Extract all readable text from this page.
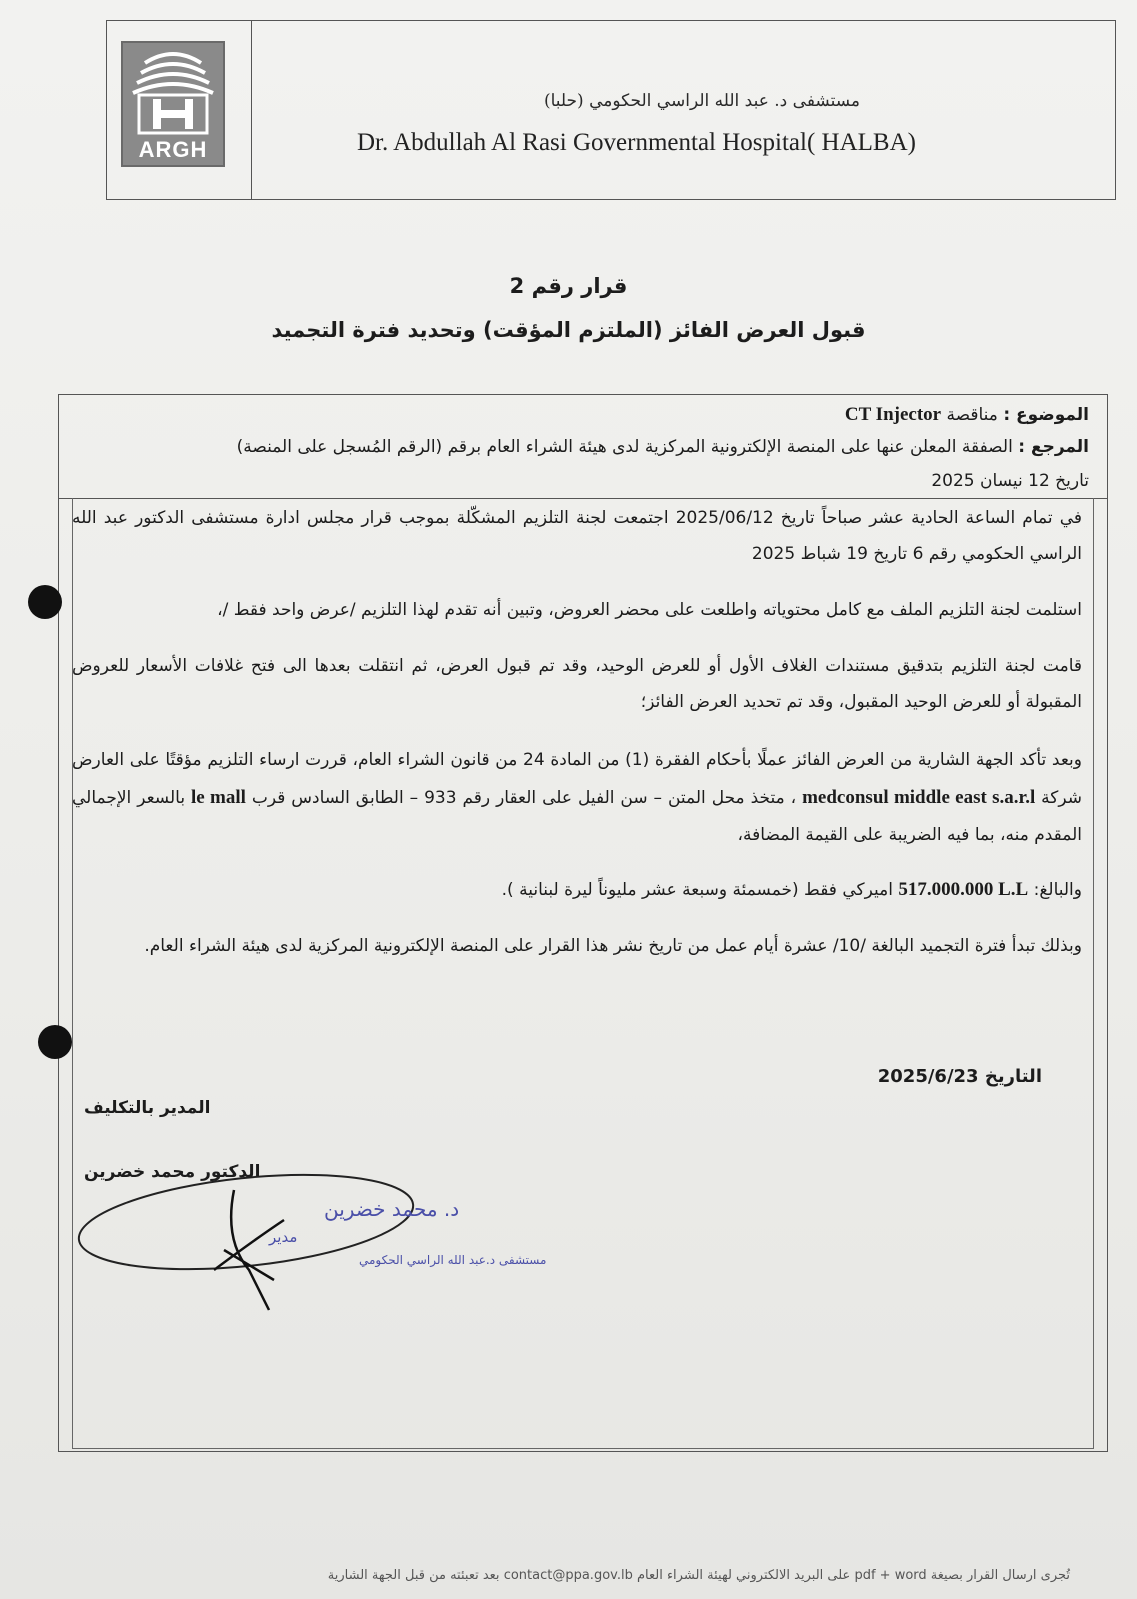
ARGH
مستشفى د. عبد الله الراسي الحكومي (حلبا)
Dr. Abdullah Al Rasi Governmental Hospital( HALBA)
قرار رقم 2
قبول العرض الفائز (الملتزم المؤقت) وتحديد فترة التجميد
الموضوع : مناقصة CT Injector
المرجع : الصفقة المعلن عنها على المنصة الإلكترونية المركزية لدى هيئة الشراء العام برقم (الرقم المُسجل على المنصة)
تاريخ 12 نيسان 2025
في تمام الساعة الحادية عشر صباحاً تاريخ 2025/06/12 اجتمعت لجنة التلزيم المشكّلة بموجب قرار مجلس ادارة مستشفى الدكتور عبد الله الراسي الحكومي رقم 6 تاريخ 19 شباط 2025
استلمت لجنة التلزيم الملف مع كامل محتوياته واطلعت على محضر العروض، وتبين أنه تقدم لهذا التلزيم /عرض واحد فقط /،
قامت لجنة التلزيم بتدقيق مستندات الغلاف الأول أو للعرض الوحيد، وقد تم قبول العرض، ثم انتقلت بعدها الى فتح غلافات الأسعار للعروض المقبولة أو للعرض الوحيد المقبول، وقد تم تحديد العرض الفائز؛
وبعد تأكد الجهة الشارية من العرض الفائز عملًا بأحكام الفقرة (1) من المادة 24 من قانون الشراء العام، قررت ارساء التلزيم مؤقتًا على العارض شركة medconsul middle east s.a.r.l ، متخذ محل المتن – سن الفيل على العقار رقم 933 – الطابق السادس قرب le mall بالسعر الإجمالي المقدم منه، بما فيه الضريبة على القيمة المضافة،
والبالغ: 517.000.000 L.L اميركي فقط (خمسمئة وسبعة عشر مليوناً ليرة لبنانية ).
وبذلك تبدأ فترة التجميد البالغة /10/ عشرة أيام عمل من تاريخ نشر هذا القرار على المنصة الإلكترونية المركزية لدى هيئة الشراء العام.
التاريخ 2025/6/23
المدير بالتكليف
الدكتور محمد خضرين
د. محمد خضرين
مدير
مستشفى د.عبد الله الراسي الحكومي
تُجرى ارسال القرار بصيغة pdf + word على البريد الالكتروني لهيئة الشراء العام contact@ppa.gov.lb بعد تعبئته من قبل الجهة الشارية
